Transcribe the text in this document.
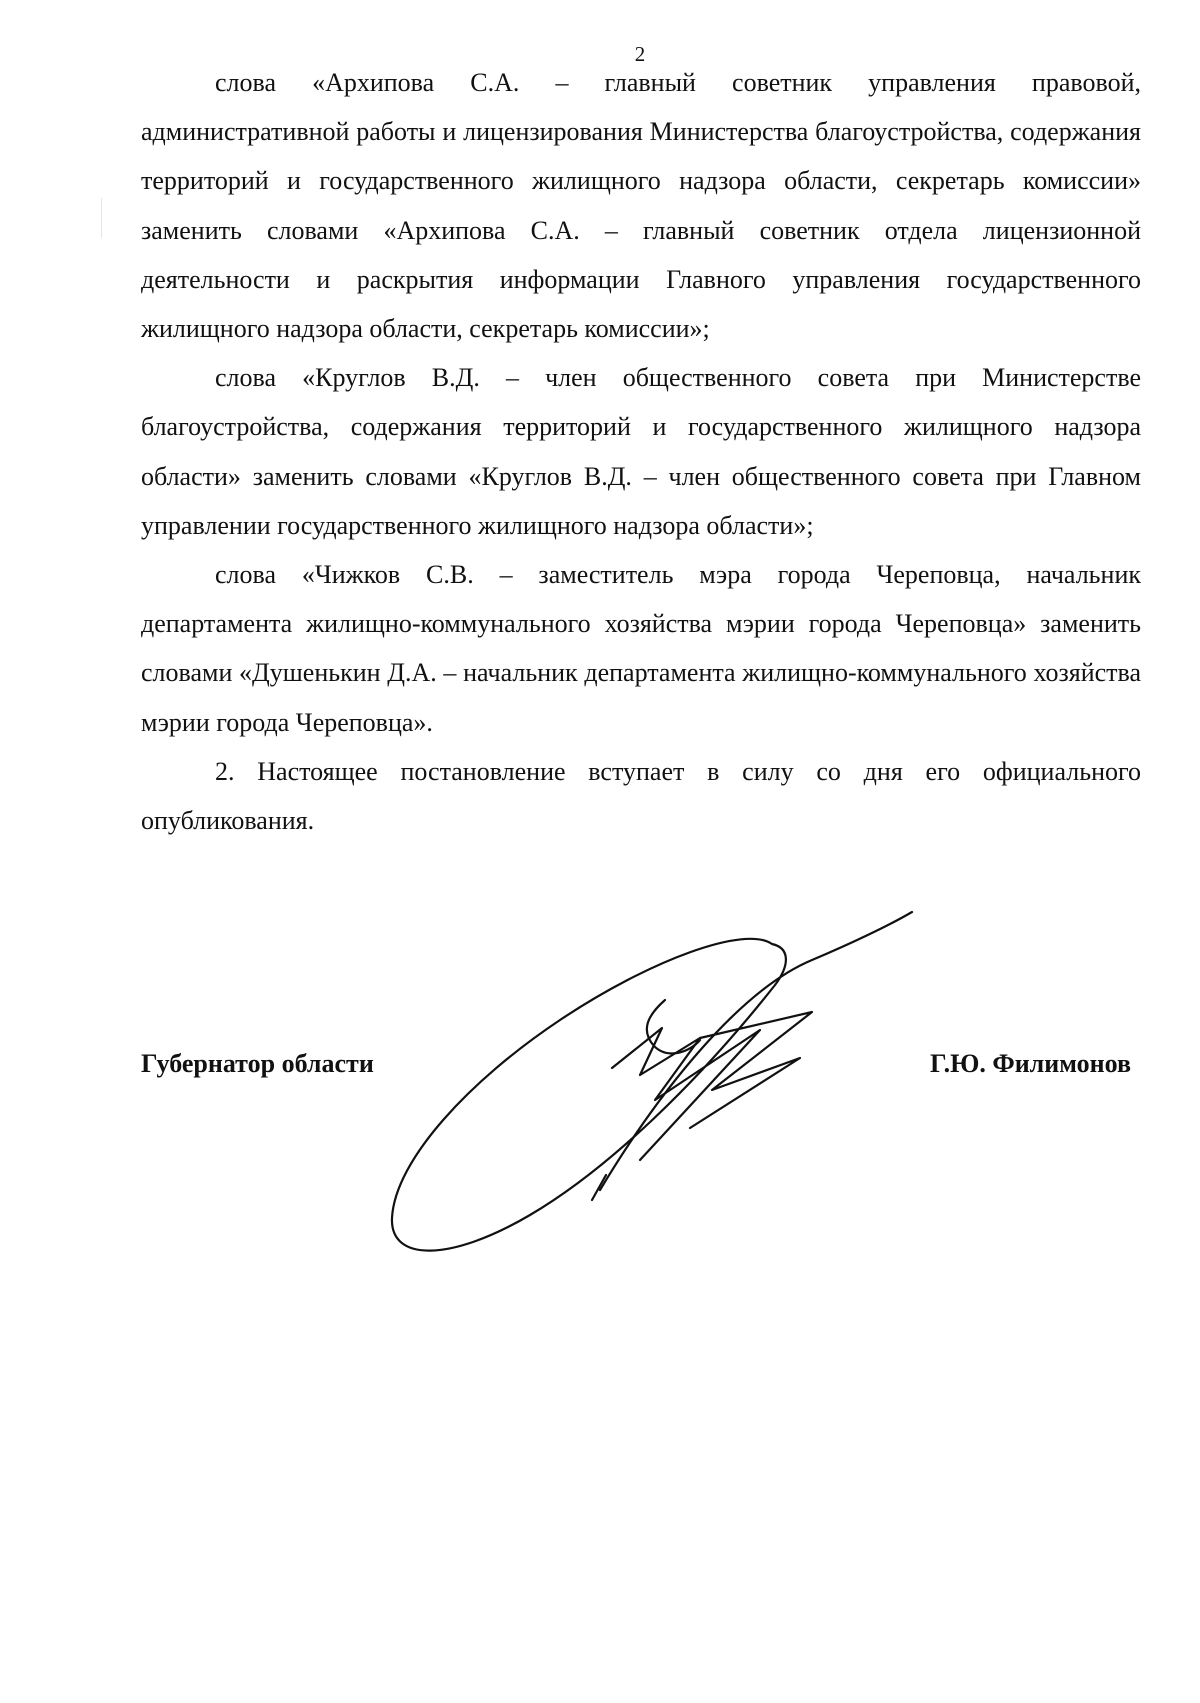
2

слова «Архипова С.А. – главный советник управления правовой, административной работы и лицензирования Министерства благоустройства, содержания территорий и государственного жилищного надзора области, секретарь комиссии» заменить словами «Архипова С.А. – главный советник отдела лицензионной деятельности и раскрытия информации Главного управления государственного жилищного надзора области, секретарь комиссии»;

слова «Круглов В.Д. – член общественного совета при Министерстве благоустройства, содержания территорий и государственного жилищного надзора области» заменить словами «Круглов В.Д. – член общественного совета при Главном управлении государственного жилищного надзора области»;

слова «Чижков С.В. – заместитель мэра города Череповца, начальник департамента жилищно-коммунального хозяйства мэрии города Череповца» заменить словами «Душенькин Д.А. – начальник департамента жилищно-коммунального хозяйства мэрии города Череповца».

2. Настоящее постановление вступает в силу со дня его официального опубликования.

Губернатор области	Г.Ю. Филимонов
